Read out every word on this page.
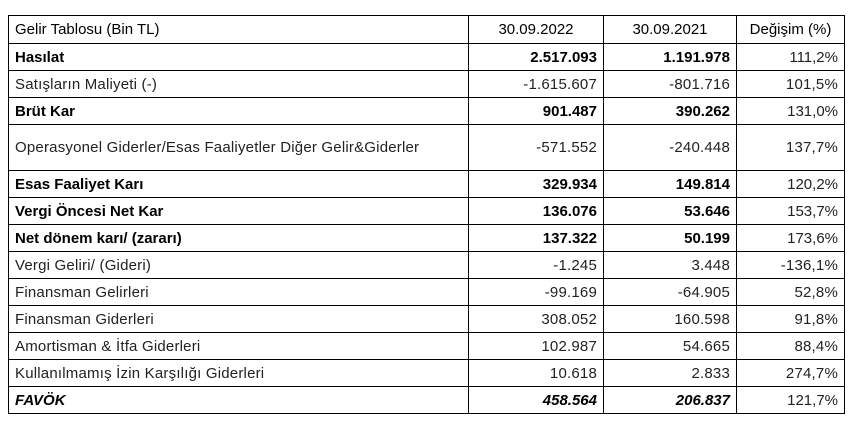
Gelir Tablosu (Bin TL)	30.09.2022	30.09.2021	Değişim (%)
Hasılat	2.517.093	1.191.978	111,2%
Satışların Maliyeti (-)	-1.615.607	-801.716	101,5%
Brüt Kar	901.487	390.262	131,0%
Operasyonel Giderler/Esas Faaliyetler Diğer Gelir&Giderler	-571.552	-240.448	137,7%
Esas Faaliyet Karı	329.934	149.814	120,2%
Vergi Öncesi Net Kar	136.076	53.646	153,7%
Net dönem karı/ (zararı)	137.322	50.199	173,6%
Vergi Geliri/ (Gideri)	-1.245	3.448	-136,1%
Finansman Gelirleri	-99.169	-64.905	52,8%
Finansman Giderleri	308.052	160.598	91,8%
Amortisman & İtfa Giderleri	102.987	54.665	88,4%
Kullanılmamış İzin Karşılığı Giderleri	10.618	2.833	274,7%
FAVÖK	458.564	206.837	121,7%
